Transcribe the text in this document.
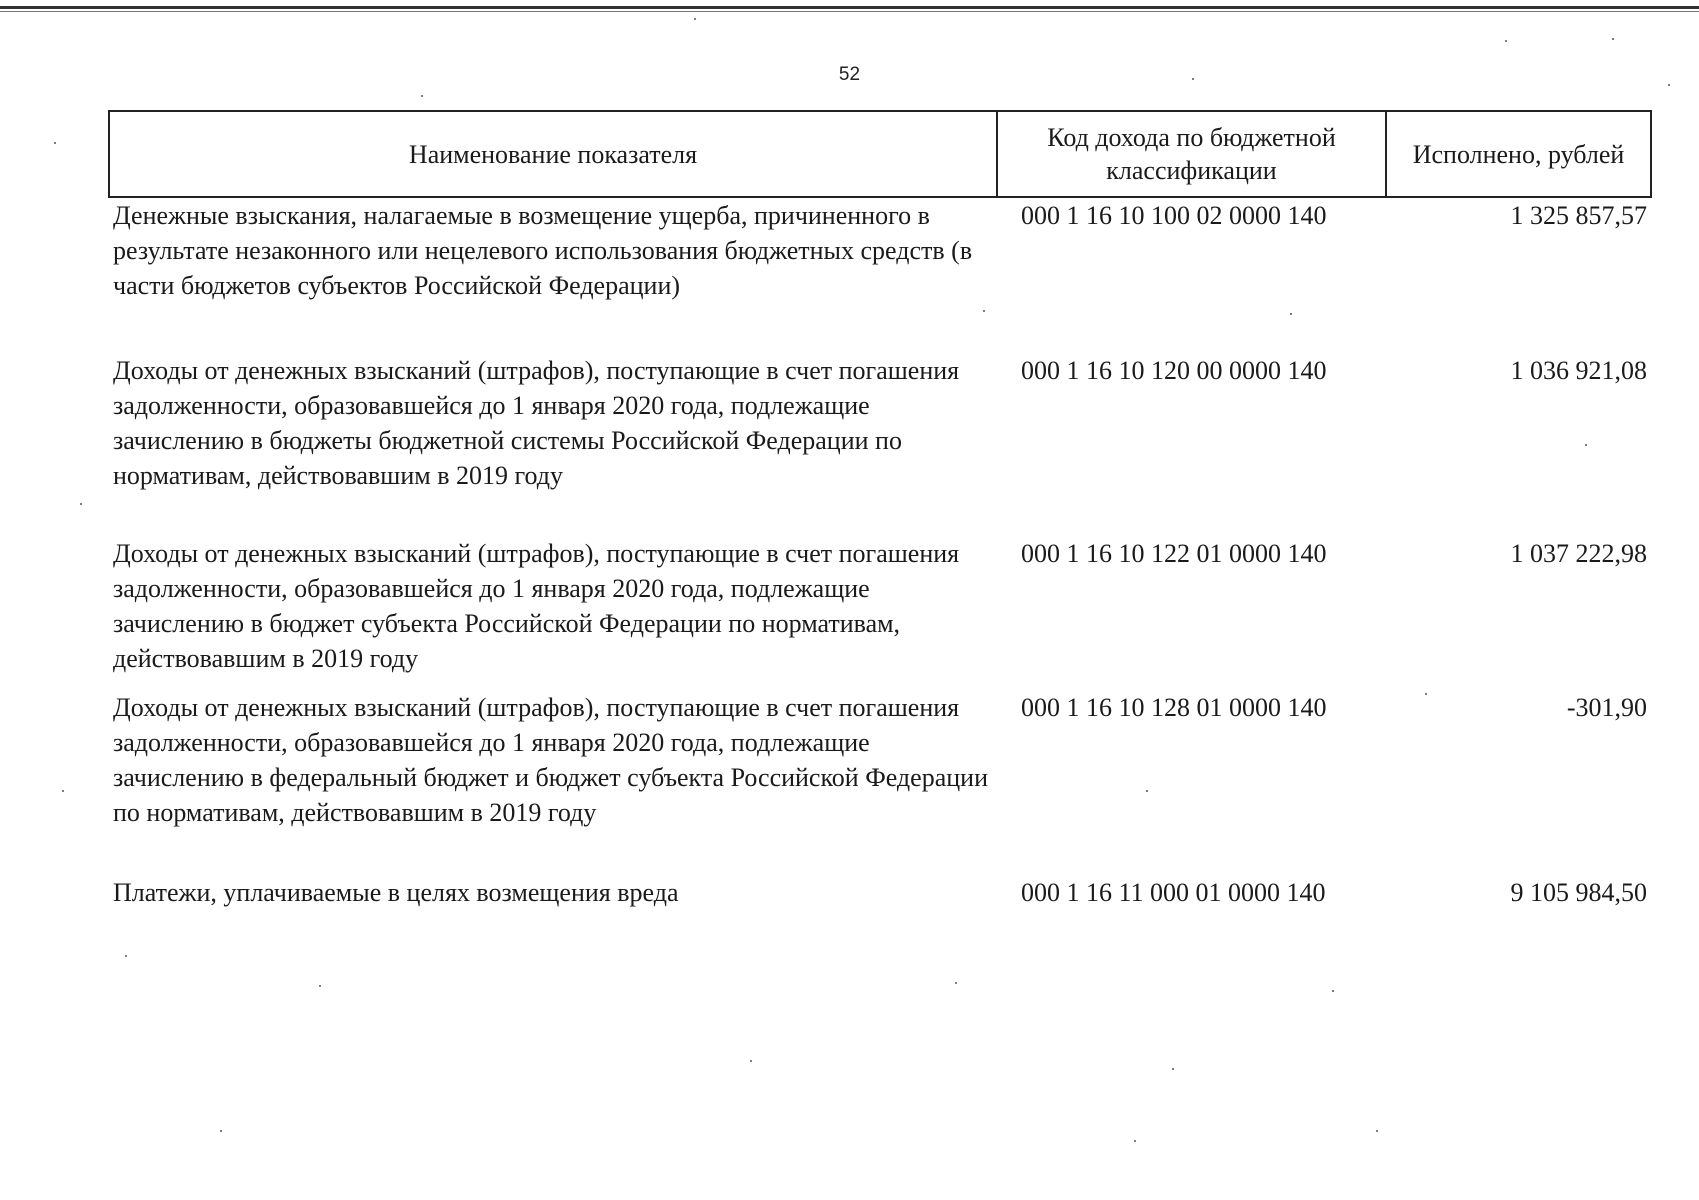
52
Наименование показателя	Код дохода по бюджетной классификации	Исполнено, рублей
Денежные взыскания, налагаемые в возмещение ущерба, причиненного в результате незаконного или нецелевого использования бюджетных средств (в части бюджетов субъектов Российской Федерации)	000 1 16 10 100 02 0000 140	1 325 857,57
Доходы от денежных взысканий (штрафов), поступающие в счет погашения задолженности, образовавшейся до 1 января 2020 года, подлежащие зачислению в бюджеты бюджетной системы Российской Федерации по нормативам, действовавшим в 2019 году	000 1 16 10 120 00 0000 140	1 036 921,08
Доходы от денежных взысканий (штрафов), поступающие в счет погашения задолженности, образовавшейся до 1 января 2020 года, подлежащие зачислению в бюджет субъекта Российской Федерации по нормативам, действовавшим в 2019 году	000 1 16 10 122 01 0000 140	1 037 222,98
Доходы от денежных взысканий (штрафов), поступающие в счет погашения задолженности, образовавшейся до 1 января 2020 года, подлежащие зачислению в федеральный бюджет и бюджет субъекта Российской Федерации по нормативам, действовавшим в 2019 году	000 1 16 10 128 01 0000 140	-301,90
Платежи, уплачиваемые в целях возмещения вреда	000 1 16 11 000 01 0000 140	9 105 984,50
